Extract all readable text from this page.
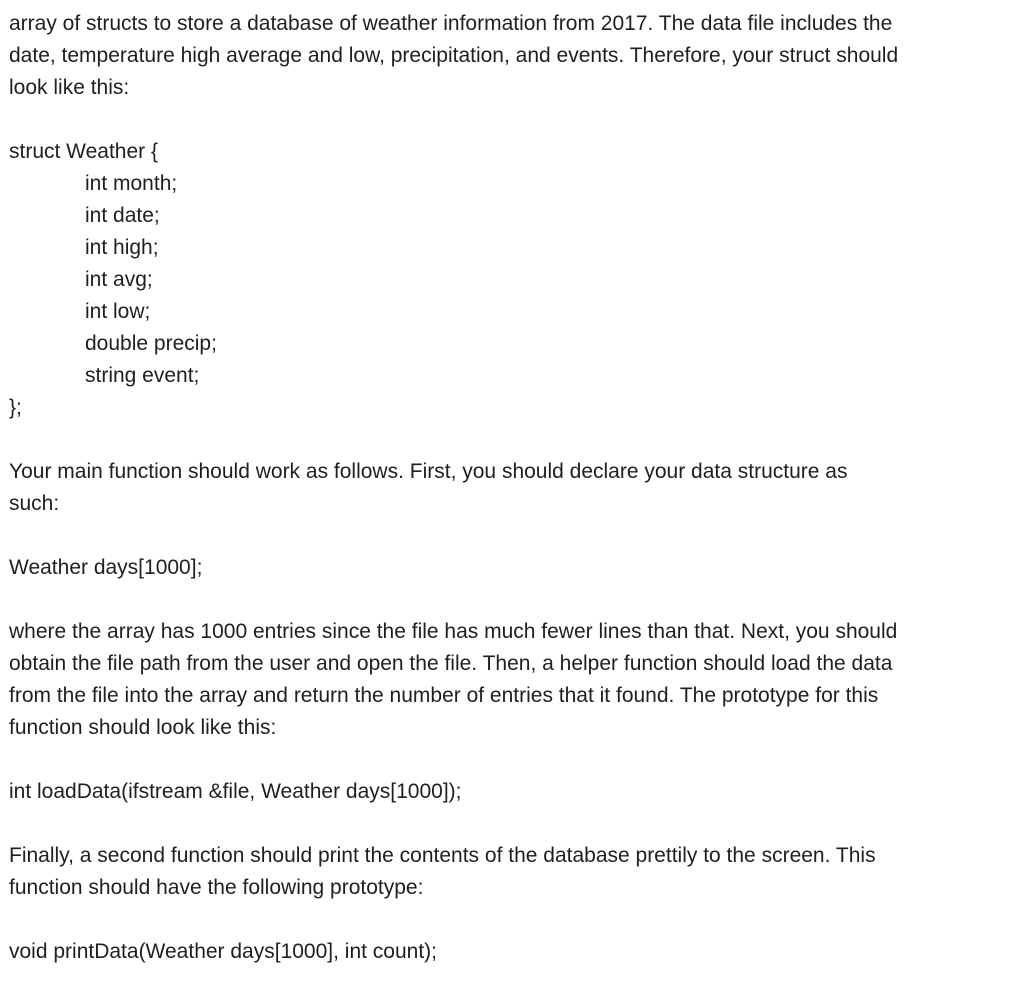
array of structs to store a database of weather information from 2017. The data file includes the
date, temperature high average and low, precipitation, and events. Therefore, your struct should
look like this:
struct Weather {
int month;
int date;
int high;
int avg;
int low;
double precip;
string event;
};
Your main function should work as follows. First, you should declare your data structure as
such:
Weather days[1000];
where the array has 1000 entries since the file has much fewer lines than that. Next, you should
obtain the file path from the user and open the file. Then, a helper function should load the data
from the file into the array and return the number of entries that it found. The prototype for this
function should look like this:
int loadData(ifstream &file, Weather days[1000]);
Finally, a second function should print the contents of the database prettily to the screen. This
function should have the following prototype:
void printData(Weather days[1000], int count);
